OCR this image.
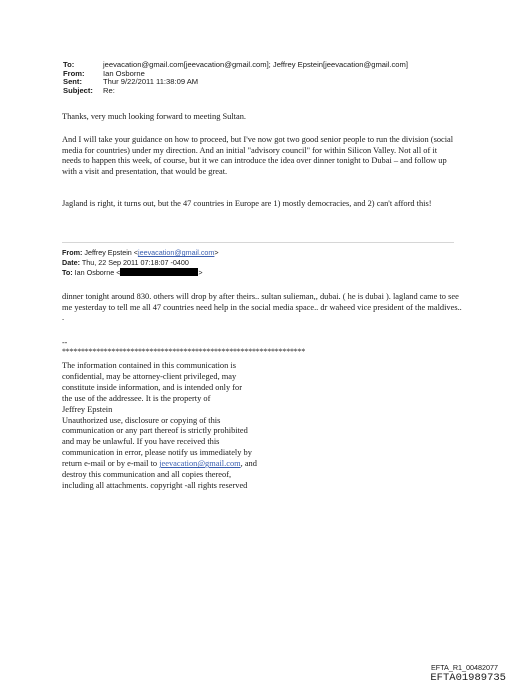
To:	jeevacation@gmail.com[jeevacation@gmail.com]; Jeffrey Epstein[jeevacation@gmail.com]
From:	Ian Osborne
Sent:	Thur 9/22/2011 11:38:09 AM
Subject:	Re:
Thanks, very much looking forward to meeting Sultan.
And I will take your guidance on how to proceed, but I've now got two good senior people to run the division (social media for countries) under my direction. And an initial "advisory council" for within Silicon Valley. Not all of it needs to happen this week, of course, but it we can introduce the idea over dinner tonight to Dubai – and follow up with a visit and presentation, that would be great.
Jagland is right, it turns out, but the 47 countries in Europe are 1) mostly democracies, and 2) can't afford this!
From: Jeffrey Epstein <jeevacation@gmail.com>
Date: Thu, 22 Sep 2011 07:18:07 -0400
To: Ian Osborne <	>
dinner tonight around 830. others will drop by after theirs.. sultan sulieman,, dubai. ( he is dubai ). lagland came to see me yesterday to tell me all 47 countries need help in the social media space.. dr waheed vice president of the maldives.. .
--
****************************************************************
The information contained in this communication is
confidential, may be attorney-client privileged, may
constitute inside information, and is intended only for
the use of the addressee. It is the property of
Jeffrey Epstein
Unauthorized use, disclosure or copying of this
communication or any part thereof is strictly prohibited
and may be unlawful. If you have received this
communication in error, please notify us immediately by
return e-mail or by e-mail to jeevacation@gmail.com, and
destroy this communication and all copies thereof,
including all attachments. copyright -all rights reserved
EFTA_R1_00482077
EFTA01989735
